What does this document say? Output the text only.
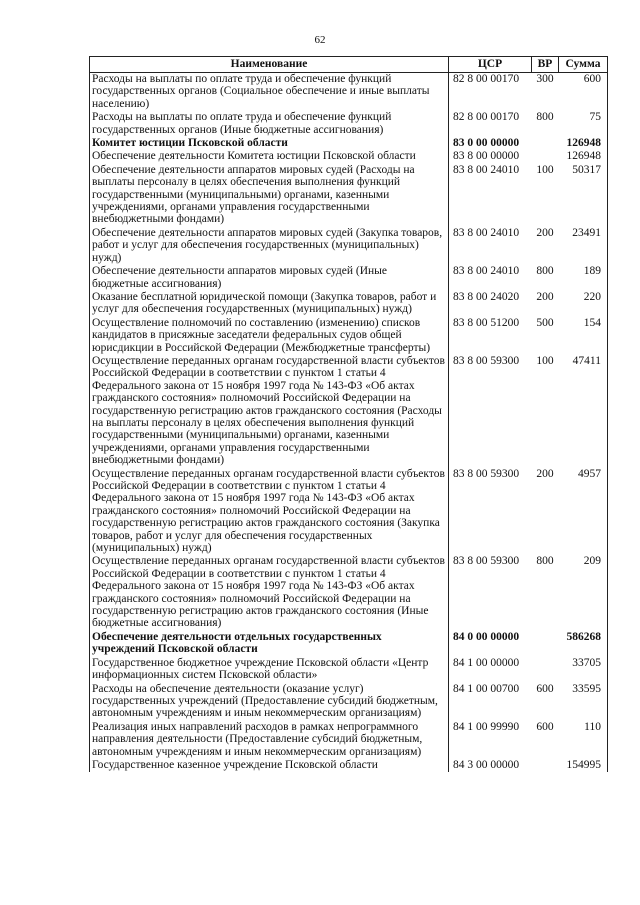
62
Наименование	ЦСР	ВР	Сумма
Расходы на выплаты по оплате труда и обеспечение функций государственных органов (Социальное обеспечение и иные выплаты населению)	82 8 00 00170	300	600
Расходы на выплаты по оплате труда и обеспечение функций государственных органов (Иные бюджетные ассигнования)	82 8 00 00170	800	75
Комитет юстиции Псковской области	83 0 00 00000		126948
Обеспечение деятельности Комитета юстиции Псковской области	83 8 00 00000		126948
Обеспечение деятельности аппаратов мировых судей (Расходы на выплаты персоналу в целях обеспечения выполнения функций государственными (муниципальными) органами, казенными учреждениями, органами управления государственными внебюджетными фондами)	83 8 00 24010	100	50317
Обеспечение деятельности аппаратов мировых судей (Закупка товаров, работ и услуг для обеспечения государственных (муниципальных) нужд)	83 8 00 24010	200	23491
Обеспечение деятельности аппаратов мировых судей (Иные бюджетные ассигнования)	83 8 00 24010	800	189
Оказание бесплатной юридической помощи (Закупка товаров, работ и услуг для обеспечения государственных (муниципальных) нужд)	83 8 00 24020	200	220
Осуществление полномочий по составлению (изменению) списков кандидатов в присяжные заседатели федеральных судов общей юрисдикции в Российской Федерации (Межбюджетные трансферты)	83 8 00 51200	500	154
Осуществление переданных органам государственной власти субъектов Российской Федерации в соответствии с пунктом 1 статьи 4 Федерального закона от 15 ноября 1997 года № 143-ФЗ «Об актах гражданского состояния» полномочий Российской Федерации на государственную регистрацию актов гражданского состояния (Расходы на выплаты персоналу в целях обеспечения выполнения функций государственными (муниципальными) органами, казенными учреждениями, органами управления государственными внебюджетными фондами)	83 8 00 59300	100	47411
Осуществление переданных органам государственной власти субъектов Российской Федерации в соответствии с пунктом 1 статьи 4 Федерального закона от 15 ноября 1997 года № 143-ФЗ «Об актах гражданского состояния» полномочий Российской Федерации на государственную регистрацию актов гражданского состояния (Закупка товаров, работ и услуг для обеспечения государственных (муниципальных) нужд)	83 8 00 59300	200	4957
Осуществление переданных органам государственной власти субъектов Российской Федерации в соответствии с пунктом 1 статьи 4 Федерального закона от 15 ноября 1997 года № 143-ФЗ «Об актах гражданского состояния» полномочий Российской Федерации на государственную регистрацию актов гражданского состояния (Иные бюджетные ассигнования)	83 8 00 59300	800	209
Обеспечение деятельности отдельных государственных учреждений Псковской области	84 0 00 00000		586268
Государственное бюджетное учреждение Псковской области «Центр информационных систем Псковской области»	84 1 00 00000		33705
Расходы на обеспечение деятельности (оказание услуг) государственных учреждений (Предоставление субсидий бюджетным, автономным учреждениям и иным некоммерческим организациям)	84 1 00 00700	600	33595
Реализация иных направлений расходов в рамках непрограммного направления деятельности (Предоставление субсидий бюджетным, автономным учреждениям и иным некоммерческим организациям)	84 1 00 99990	600	110
Государственное казенное учреждение Псковской области	84 3 00 00000		154995
